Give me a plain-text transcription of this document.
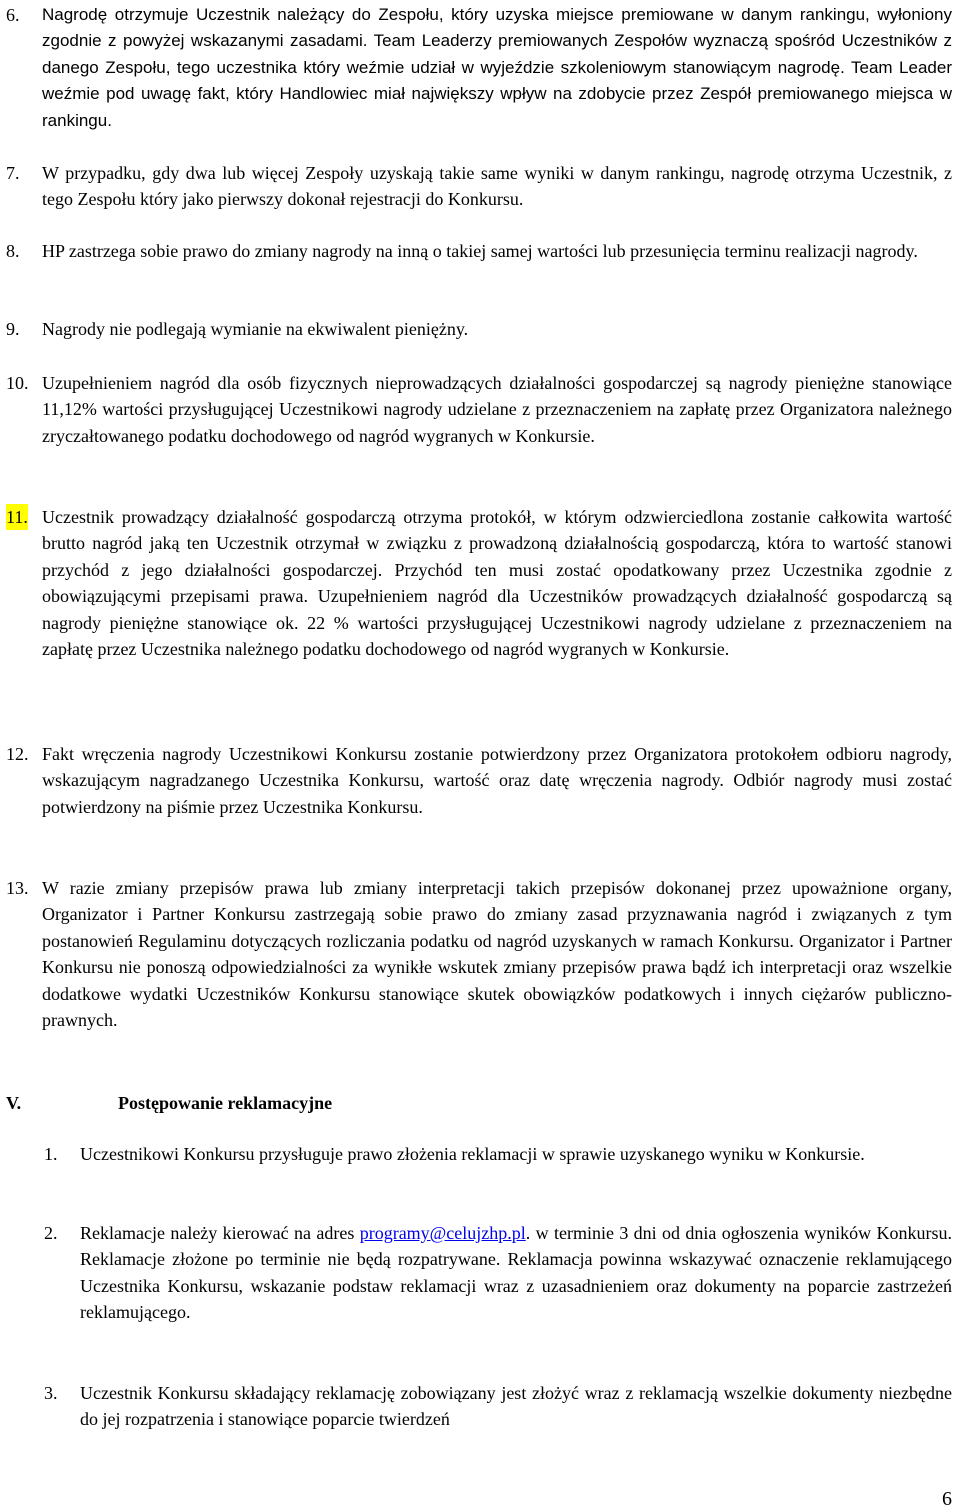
6. Nagrodę otrzymuje Uczestnik należący do Zespołu, który uzyska miejsce premiowane w danym rankingu, wyłoniony zgodnie z powyżej wskazanymi zasadami. Team Leaderzy premiowanych Zespołów wyznaczą spośród Uczestników z danego Zespołu, tego uczestnika który weźmie udział w wyjeździe szkoleniowym stanowiącym nagrodę. Team Leader weźmie pod uwagę fakt, który Handlowiec miał największy wpływ na zdobycie przez Zespół premiowanego miejsca w rankingu.
7. W przypadku, gdy dwa lub więcej Zespoły uzyskają takie same wyniki w danym rankingu, nagrodę otrzyma Uczestnik, z tego Zespołu który jako pierwszy dokonał rejestracji do Konkursu.
8. HP zastrzega sobie prawo do zmiany nagrody na inną o takiej samej wartości lub przesunięcia terminu realizacji nagrody.
9. Nagrody nie podlegają wymianie na ekwiwalent pieniężny.
10. Uzupełnieniem nagród dla osób fizycznych nieprowadzących działalności gospodarczej są nagrody pieniężne stanowiące 11,12% wartości przysługującej Uczestnikowi nagrody udzielane z przeznaczeniem na zapłatę przez Organizatora należnego zryczałtowanego podatku dochodowego od nagród wygranych w Konkursie.
11. Uczestnik prowadzący działalność gospodarczą otrzyma protokół, w którym odzwierciedlona zostanie całkowita wartość brutto nagród jaką ten Uczestnik otrzymał w związku z prowadzoną działalnością gospodarczą, która to wartość stanowi przychód z jego działalności gospodarczej. Przychód ten musi zostać opodatkowany przez Uczestnika zgodnie z obowiązującymi przepisami prawa. Uzupełnieniem nagród dla Uczestników prowadzących działalność gospodarczą są nagrody pieniężne stanowiące ok. 22 % wartości przysługującej Uczestnikowi nagrody udzielane z przeznaczeniem na zapłatę przez Uczestnika należnego podatku dochodowego od nagród wygranych w Konkursie.
12. Fakt wręczenia nagrody Uczestnikowi Konkursu zostanie potwierdzony przez Organizatora protokołem odbioru nagrody, wskazującym nagradzanego Uczestnika Konkursu, wartość oraz datę wręczenia nagrody. Odbiór nagrody musi zostać potwierdzony na piśmie przez Uczestnika Konkursu.
13. W razie zmiany przepisów prawa lub zmiany interpretacji takich przepisów dokonanej przez upoważnione organy, Organizator i Partner Konkursu zastrzegają sobie prawo do zmiany zasad przyznawania nagród i związanych z tym postanowień Regulaminu dotyczących rozliczania podatku od nagród uzyskanych w ramach Konkursu. Organizator i Partner Konkursu nie ponoszą odpowiedzialności za wynikłe wskutek zmiany przepisów prawa bądź ich interpretacji oraz wszelkie dodatkowe wydatki Uczestników Konkursu stanowiące skutek obowiązków podatkowych i innych ciężarów publiczno-prawnych.
V.	Postępowanie reklamacyjne
1. Uczestnikowi Konkursu przysługuje prawo złożenia reklamacji w sprawie uzyskanego wyniku w Konkursie.
2. Reklamacje należy kierować na adres programy@celujzhp.pl. w terminie 3 dni od dnia ogłoszenia wyników Konkursu. Reklamacje złożone po terminie nie będą rozpatrywane. Reklamacja powinna wskazywać oznaczenie reklamującego Uczestnika Konkursu, wskazanie podstaw reklamacji wraz z uzasadnieniem oraz dokumenty na poparcie zastrzeżeń reklamującego.
3. Uczestnik Konkursu składający reklamację zobowiązany jest złożyć wraz z reklamacją wszelkie dokumenty niezbędne do jej rozpatrzenia i stanowiące poparcie twierdzeń
6
